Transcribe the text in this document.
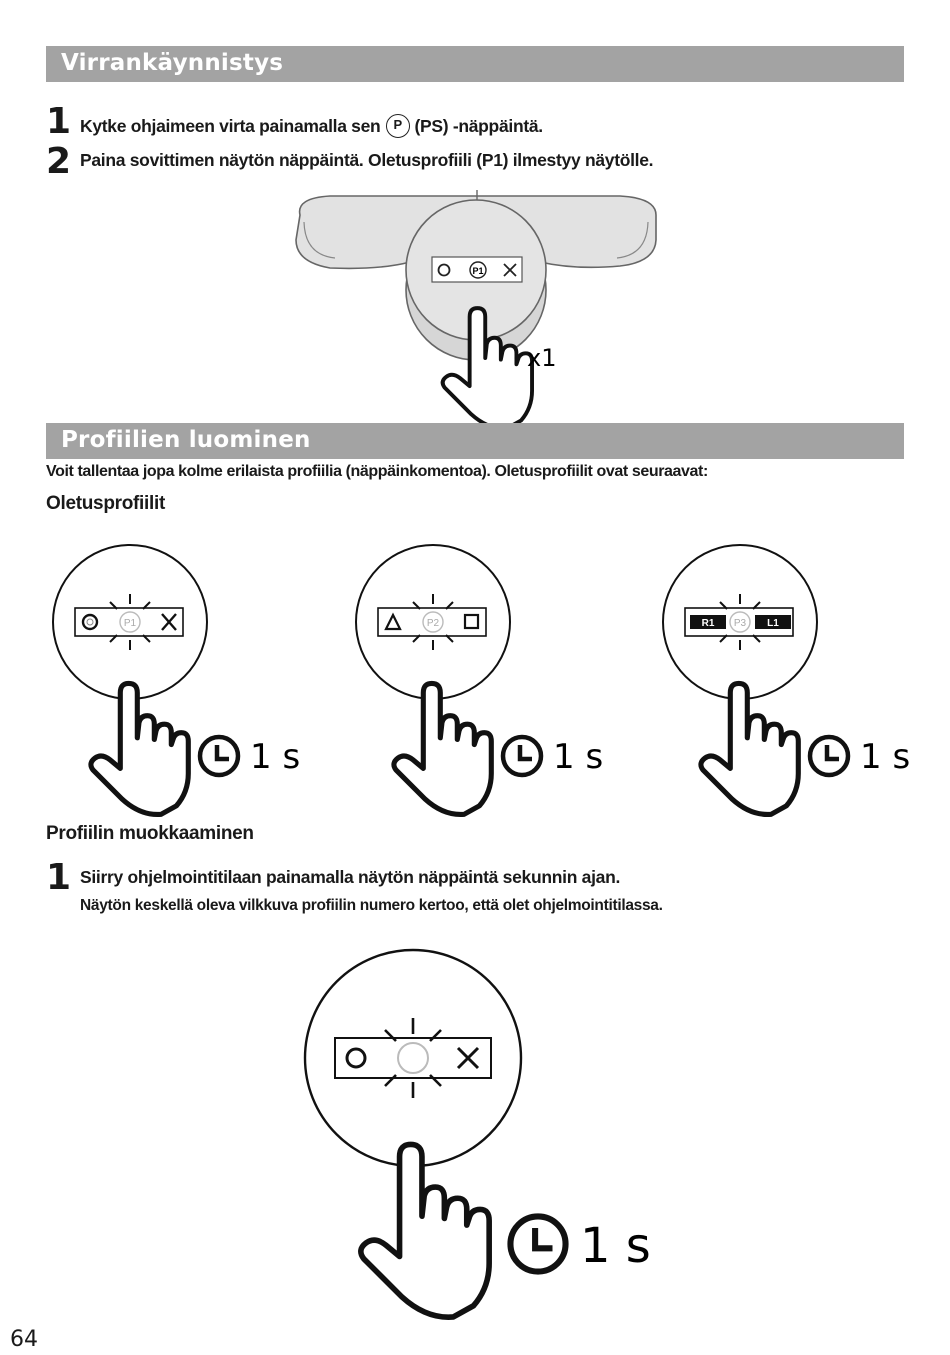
Virrankäynnistys
1 Kytke ohjaimeen virta painamalla senP (PS) -näppäintä.
2 Paina sovittimen näytön näppäintä. Oletusprofiili (P1) ilmestyy näytölle.
P1
x1
Profiilien luominen
Voit tallentaa jopa kolme erilaista profiilia (näppäinkomentoa). Oletusprofiilit ovat seuraavat:
Oletusprofiilit
P1
1 s
P2
1 s
R1 P3 L1
1 s
Profiilin muokkaaminen
1 Siirry ohjelmointitilaan painamalla näytön näppäintä sekunnin ajan.
Näytön keskellä oleva vilkkuva profiilin numero kertoo, että olet ohjelmointitilassa.
1 s
64
